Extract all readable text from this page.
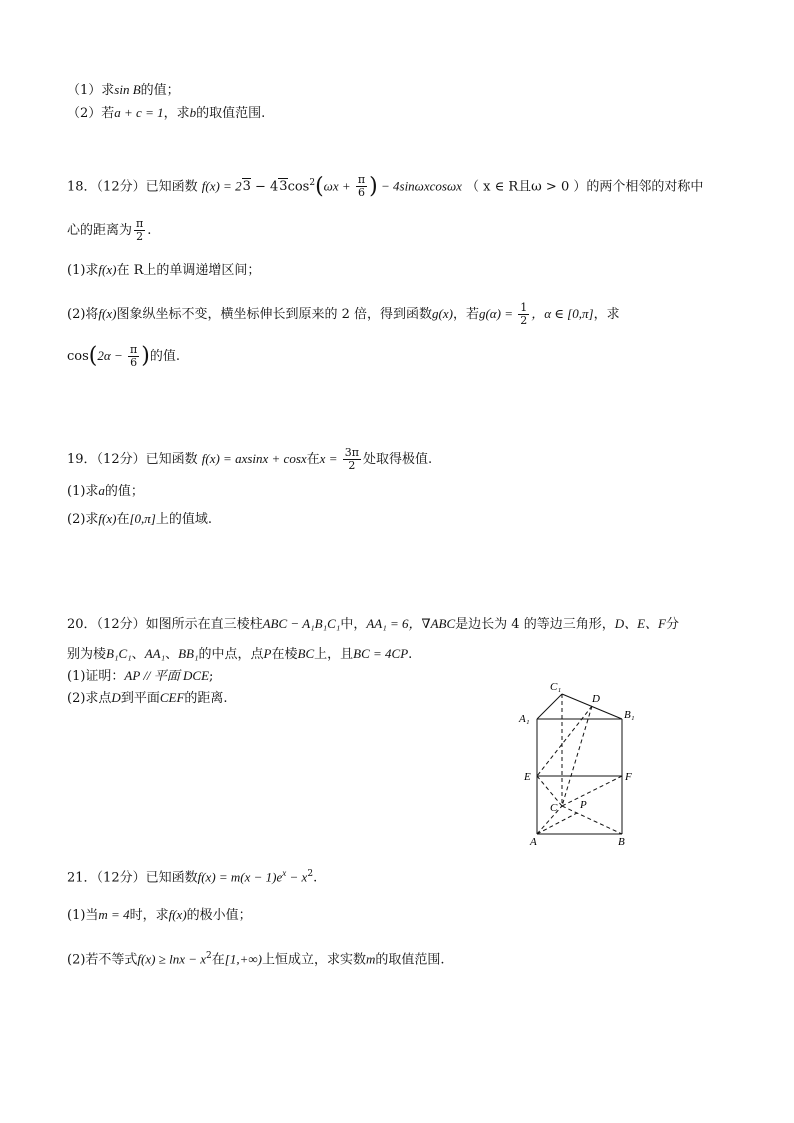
（1）求sin B的值；
（2）若a + c = 1，求b的取值范围.
18．（12分）已知函数 $f(x) = 23 - 43\cos^2(\omega x + \frac{\pi}{6}$ ) − 4sinωxcosωx （ x ∈ R且ω > 0 ）的两个相邻的对称中
心的距离为 $\frac{\pi}{2}$ .
(1)求f(x)在 R上的单调递增区间；
(2)将f(x)图象纵坐标不变，横坐标伸长到原来的 2 倍，得到函数g(x)，若$g(\alpha) = \frac{1}{2}$ ，α ∈ [0,π]，求
$\cos(2\alpha - \frac{\pi}{6}$ )的值.
19．（12分）已知函数 f(x) = axsinx + cosx在$x = \frac{3\pi}{2}$ 处取得极值.
(1)求a的值；
(2)求f(x)在[0,π]上的值域.
20．（12分）如图所示在直三棱柱ABC − A₁B₁C₁中，AA₁ = 6，∇ABC是边长为 4 的等边三角形，D、E、F分
别为棱B₁C₁、AA₁、BB₁的中点，点P在棱BC上，且BC = 4CP.
(1)证明：AP // 平面 DCE;
(2)求点D到平面CEF的距离.
C₁
D
A₁	B₁
E	F
C P
A	B
21．（12分）已知函数$f(x) = m(x - 1)e^x - x^2$.
(1)当m = 4时，求f(x)的极小值；
(2)若不等式$f(x) \ge \ln x - x^2$在[1,+∞)上恒成立，求实数m的取值范围.
